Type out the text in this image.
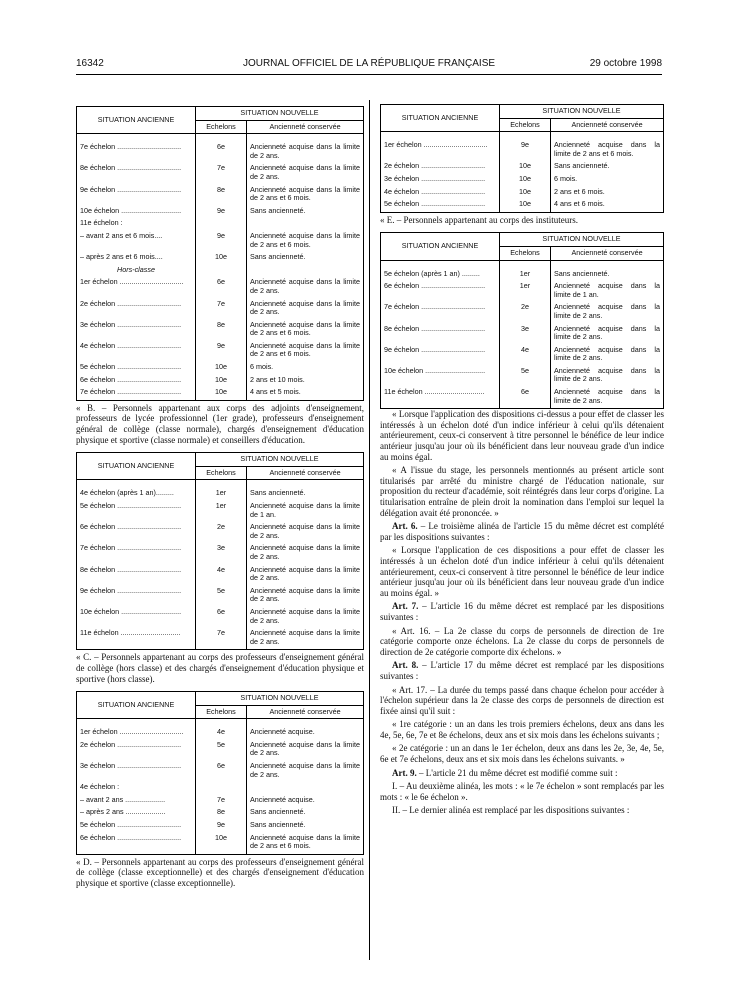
16342	JOURNAL OFFICIEL DE LA RÉPUBLIQUE FRANÇAISE	29 octobre 1998
SITUATION ANCIENNE	SITUATION NOUVELLE	
	Echelons	Ancienneté conservée

7e échelon ................................	6e	Ancienneté acquise dans la limite de 2 ans.
8e échelon ................................	7e	Ancienneté acquise dans la limite de 2 ans.
9e échelon ................................	8e	Ancienneté acquise dans la limite de 2 ans et 6 mois.
10e échelon ..............................	9e	Sans ancienneté.
11e échelon :		
– avant 2 ans et 6 mois....	9e	Ancienneté acquise dans la limite de 2 ans et 6 mois.
– après 2 ans et 6 mois....	10e	Sans ancienneté.
Hors-classe		
1er échelon ................................	6e	Ancienneté acquise dans la limite de 2 ans.
2e échelon ................................	7e	Ancienneté acquise dans la limite de 2 ans.
3e échelon ................................	8e	Ancienneté acquise dans la limite de 2 ans et 6 mois.
4e échelon ................................	9e	Ancienneté acquise dans la limite de 2 ans et 6 mois.
5e échelon ................................	10e	6 mois.
6e échelon ................................	10e	2 ans et 10 mois.
7e échelon ................................	10e	4 ans et 5 mois.

« B. – Personnels appartenant aux corps des adjoints d'enseignement, professeurs de lycée professionnel (1er grade), professeurs d'enseignement général de collège (classe normale), chargés d'enseignement d'éducation physique et sportive (classe normale) et conseillers d'éducation.

SITUATION ANCIENNE	SITUATION NOUVELLE	
	Echelons	Ancienneté conservée

4e échelon (après 1 an).........	1er	Sans ancienneté.
5e échelon ................................	1er	Ancienneté acquise dans la limite de 1 an.
6e échelon ................................	2e	Ancienneté acquise dans la limite de 2 ans.
7e échelon ................................	3e	Ancienneté acquise dans la limite de 2 ans.
8e échelon ................................	4e	Ancienneté acquise dans la limite de 2 ans.
9e échelon ................................	5e	Ancienneté acquise dans la limite de 2 ans.
10e échelon ..............................	6e	Ancienneté acquise dans la limite de 2 ans.
11e échelon ..............................	7e	Ancienneté acquise dans la limite de 2 ans.

« C. – Personnels appartenant au corps des professeurs d'enseignement général de collège (hors classe) et des chargés d'enseignement d'éducation physique et sportive (hors classe).

SITUATION ANCIENNE	SITUATION NOUVELLE	
	Echelons	Ancienneté conservée

1er échelon ................................	4e	Ancienneté acquise.
2e échelon ................................	5e	Ancienneté acquise dans la limite de 2 ans.
3e échelon ................................	6e	Ancienneté acquise dans la limite de 2 ans.
4e échelon :		
– avant 2 ans ....................	7e	Ancienneté acquise.
– après 2 ans ....................	8e	Sans ancienneté.
5e échelon ................................	9e	Sans ancienneté.
6e échelon ................................	10e	Ancienneté acquise dans la limite de 2 ans et 6 mois.

« D. – Personnels appartenant au corps des professeurs d'enseignement général de collège (classe exceptionnelle) et des chargés d'enseignement d'éducation physique et sportive (classe exceptionnelle).

SITUATION ANCIENNE	SITUATION NOUVELLE	
	Echelons	Ancienneté conservée

1er échelon ................................	9e	Ancienneté acquise dans la limite de 2 ans et 6 mois.
2e échelon ................................	10e	Sans ancienneté.
3e échelon ................................	10e	6 mois.
4e échelon ................................	10e	2 ans et 6 mois.
5e échelon ................................	10e	4 ans et 6 mois.

« E. – Personnels appartenant au corps des instituteurs.

SITUATION ANCIENNE	SITUATION NOUVELLE	
	Echelons	Ancienneté conservée

5e échelon (après 1 an) .........	1er	Sans ancienneté.
6e échelon ................................	1er	Ancienneté acquise dans la limite de 1 an.
7e échelon ................................	2e	Ancienneté acquise dans la limite de 2 ans.
8e échelon ................................	3e	Ancienneté acquise dans la limite de 2 ans.
9e échelon ................................	4e	Ancienneté acquise dans la limite de 2 ans.
10e échelon ..............................	5e	Ancienneté acquise dans la limite de 2 ans.
11e échelon ..............................	6e	Ancienneté acquise dans la limite de 2 ans.

« Lorsque l'application des dispositions ci-dessus a pour effet de classer les intéressés à un échelon doté d'un indice inférieur à celui qu'ils détenaient antérieurement, ceux-ci conservent à titre personnel le bénéfice de leur indice antérieur jusqu'au jour où ils bénéficient dans leur nouveau grade d'un indice au moins égal.

« A l'issue du stage, les personnels mentionnés au présent article sont titularisés par arrêté du ministre chargé de l'éducation nationale, sur proposition du recteur d'académie, soit réintégrés dans leur corps d'origine. La titularisation entraîne de plein droit la nomination dans l'emploi sur lequel la délégation avait été prononcée. »

Art. 6. – Le troisième alinéa de l'article 15 du même décret est complété par les dispositions suivantes :

« Lorsque l'application de ces dispositions a pour effet de classer les intéressés à un échelon doté d'un indice inférieur à celui qu'ils détenaient antérieurement, ceux-ci conservent à titre personnel le bénéfice de leur indice antérieur jusqu'au jour où ils bénéficient dans leur nouveau grade d'un indice au moins égal. »

Art. 7. – L'article 16 du même décret est remplacé par les dispositions suivantes :

« Art. 16. – La 2e classe du corps de personnels de direction de 1re catégorie comporte onze échelons. La 2e classe du corps de personnels de direction de 2e catégorie comporte dix échelons. »

Art. 8. – L'article 17 du même décret est remplacé par les dispositions suivantes :

« Art. 17. – La durée du temps passé dans chaque échelon pour accéder à l'échelon supérieur dans la 2e classe des corps de personnels de direction est fixée ainsi qu'il suit :

« 1re catégorie : un an dans les trois premiers échelons, deux ans dans les 4e, 5e, 6e, 7e et 8e échelons, deux ans et six mois dans les échelons suivants ;

« 2e catégorie : un an dans le 1er échelon, deux ans dans les 2e, 3e, 4e, 5e, 6e et 7e échelons, deux ans et six mois dans les échelons suivants. »

Art. 9. – L'article 21 du même décret est modifié comme suit :

I. – Au deuxième alinéa, les mots : « le 7e échelon » sont remplacés par les mots : « le 6e échelon ».

II. – Le dernier alinéa est remplacé par les dispositions suivantes :
